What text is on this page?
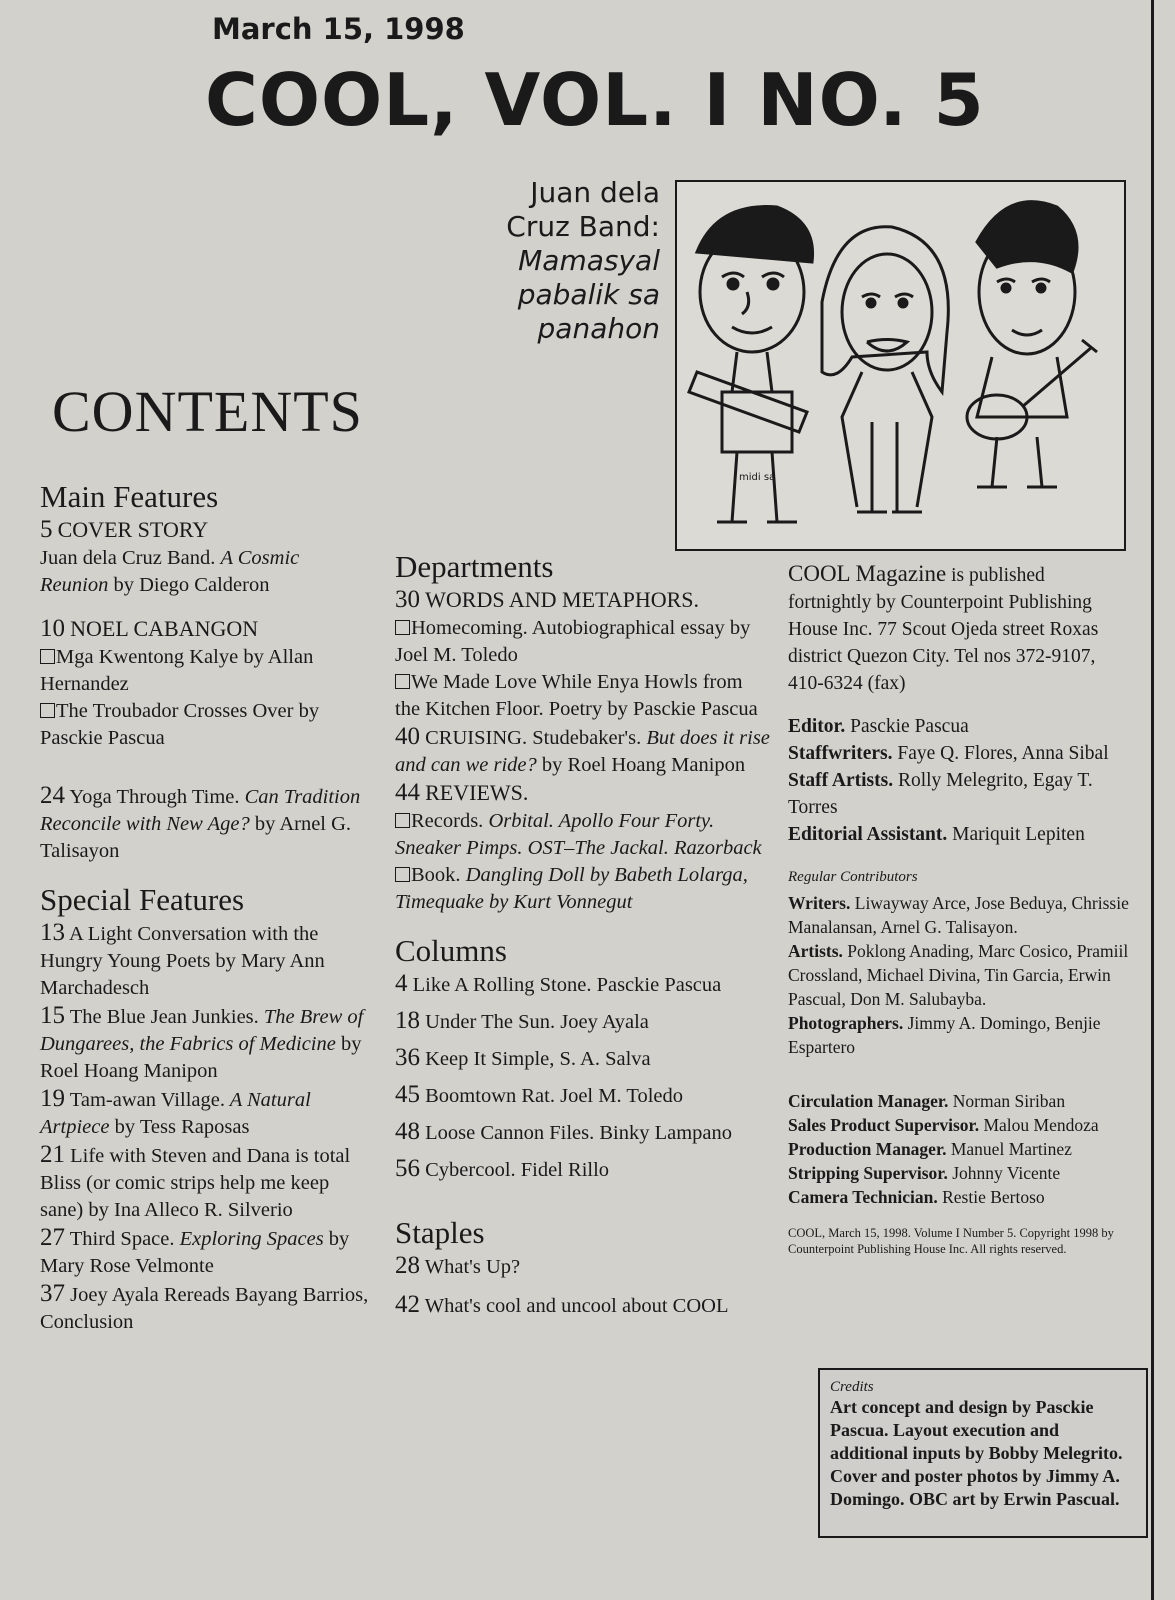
March 15, 1998
COOL, VOL. I NO. 5
Juan dela
Cruz Band:
Mamasyal
pabalik sa
panahon
midi sa
CONTENTS

Main Features

5 COVER STORY

Juan dela Cruz Band. A Cosmic Reunion by Diego Calderon

10 NOEL CABANGON

Mga Kwentong Kalye by Allan Hernandez

The Troubador Crosses Over by Pasckie Pascua

24 Yoga Through Time. Can Tradition Reconcile with New Age? by Arnel G. Talisayon

Special Features

13 A Light Conversation with the Hungry Young Poets by Mary Ann Marchadesch

15 The Blue Jean Junkies. The Brew of Dungarees, the Fabrics of Medicine by Roel Hoang Manipon

19 Tam-awan Village. A Natural Artpiece by Tess Raposas

21 Life with Steven and Dana is total Bliss (or comic strips help me keep sane) by Ina Alleco R. Silverio

27 Third Space. Exploring Spaces by Mary Rose Velmonte

37 Joey Ayala Rereads Bayang Barrios, Conclusion

Departments

30 WORDS AND METAPHORS.

Homecoming. Autobiographical essay by Joel M. Toledo

We Made Love While Enya Howls from the Kitchen Floor. Poetry by Pasckie Pascua

40 CRUISING. Studebaker's. But does it rise and can we ride? by Roel Hoang Manipon

44 REVIEWS.

Records. Orbital. Apollo Four Forty. Sneaker Pimps. OST–The Jackal. Razorback

Book. Dangling Doll by Babeth Lolarga, Timequake by Kurt Vonnegut

Columns

4 Like A Rolling Stone. Pasckie Pascua

18 Under The Sun. Joey Ayala

36 Keep It Simple, S. A. Salva

45 Boomtown Rat. Joel M. Toledo

48 Loose Cannon Files. Binky Lampano

56 Cybercool. Fidel Rillo

Staples

28 What's Up?

42 What's cool and uncool about COOL

COOL Magazine is published fortnightly by Counterpoint Publishing House Inc. 77 Scout Ojeda street Roxas district Quezon City. Tel nos 372-9107, 410-6324 (fax)

Editor. Pasckie Pascua

Staffwriters. Faye Q. Flores, Anna Sibal

Staff Artists. Rolly Melegrito, Egay T. Torres

Editorial Assistant. Mariquit Lepiten

Regular Contributors

Writers. Liwayway Arce, Jose Beduya, Chrissie Manalansan, Arnel G. Talisayon.

Artists. Poklong Anading, Marc Cosico, Pramiil Crossland, Michael Divina, Tin Garcia, Erwin Pascual, Don M. Salubayba.

Photographers. Jimmy A. Domingo, Benjie Espartero

Circulation Manager. Norman Siriban

Sales Product Supervisor. Malou Mendoza

Production Manager. Manuel Martinez

Stripping Supervisor. Johnny Vicente

Camera Technician. Restie Bertoso

COOL, March 15, 1998. Volume I Number 5. Copyright 1998 by Counterpoint Publishing House Inc. All rights reserved.

Credits
Art concept and design by Pasckie Pascua. Layout execution and additional inputs by Bobby Melegrito. Cover and poster photos by Jimmy A. Domingo. OBC art by Erwin Pascual.
